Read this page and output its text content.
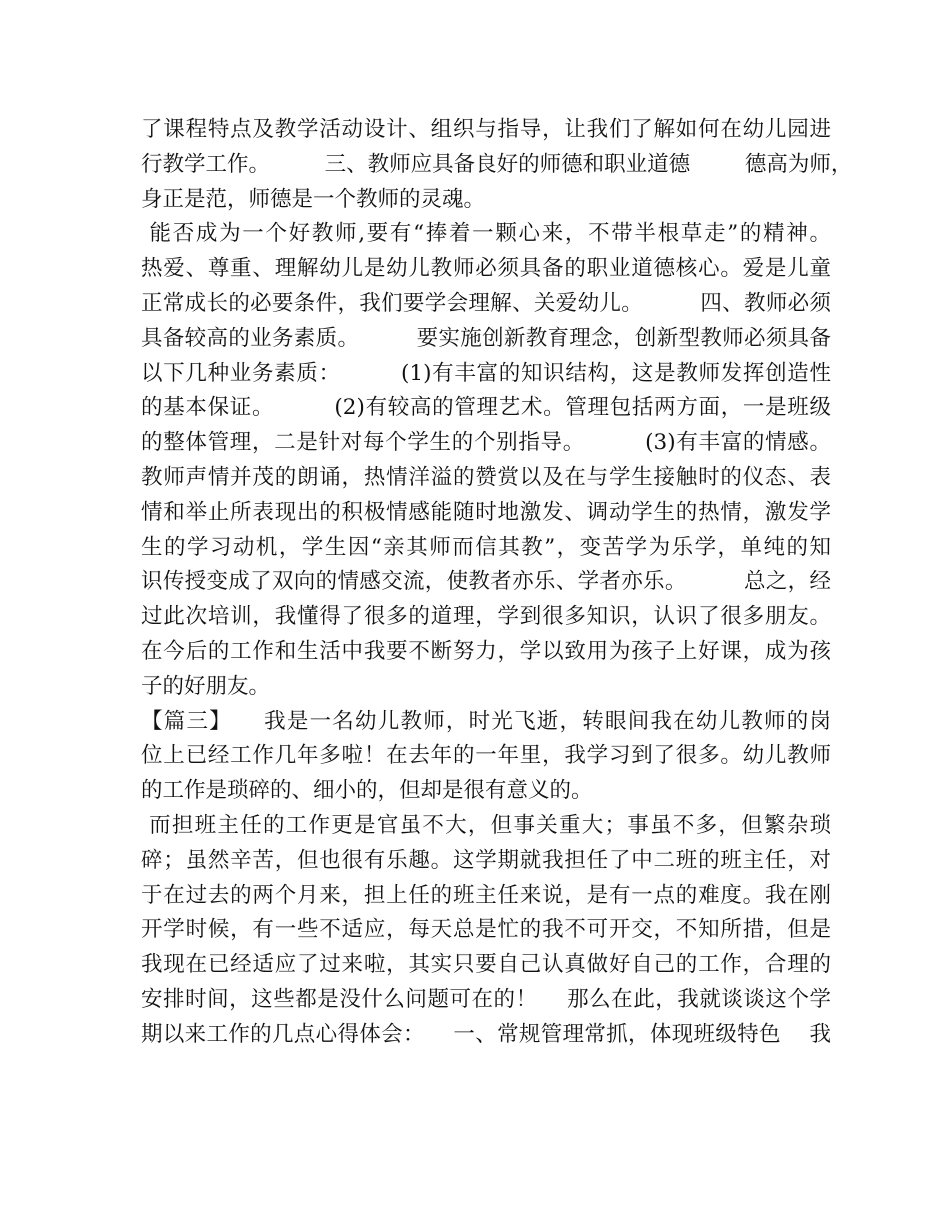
了课程特点及教学活动设计、组织与指导，让我们了解如何在幼儿园进
行教学工作。        三、教师应具备良好的师德和职业道德        德高为师，
身正是范，师德是一个教师的灵魂。
能否成为一个好教师,要有“捧着一颗心来，不带半根草走”的精神。
热爱、尊重、理解幼儿是幼儿教师必须具备的职业道德核心。爱是儿童
正常成长的必要条件，我们要学会理解、关爱幼儿。        四、教师必须
具备较高的业务素质。        要实施创新教育理念，创新型教师必须具备
以下几种业务素质：        (1)有丰富的知识结构，这是教师发挥创造性
的基本保证。        (2)有较高的管理艺术。管理包括两方面，一是班级
的整体管理，二是针对每个学生的个别指导。        (3)有丰富的情感。
教师声情并茂的朗诵，热情洋溢的赞赏以及在与学生接触时的仪态、表
情和举止所表现出的积极情感能随时地激发、调动学生的热情，激发学
生的学习动机，学生因“亲其师而信其教”，变苦学为乐学，单纯的知
识传授变成了双向的情感交流，使教者亦乐、学者亦乐。        总之，经
过此次培训，我懂得了很多的道理，学到很多知识，认识了很多朋友。
在今后的工作和生活中我要不断努力，学以致用为孩子上好课，成为孩
子的好朋友。
【篇三】    我是一名幼儿教师，时光飞逝，转眼间我在幼儿教师的岗
位上已经工作几年多啦！在去年的一年里，我学习到了很多。幼儿教师
的工作是琐碎的、细小的，但却是很有意义的。
而担班主任的工作更是官虽不大，但事关重大；事虽不多，但繁杂琐
碎；虽然辛苦，但也很有乐趣。这学期就我担任了中二班的班主任，对
于在过去的两个月来，担上任的班主任来说，是有一点的难度。我在刚
开学时候，有一些不适应，每天总是忙的我不可开交，不知所措，但是
我现在已经适应了过来啦，其实只要自己认真做好自己的工作，合理的
安排时间，这些都是没什么问题可在的！    那么在此，我就谈谈这个学
期以来工作的几点心得体会：    一、常规管理常抓，体现班级特色    我
